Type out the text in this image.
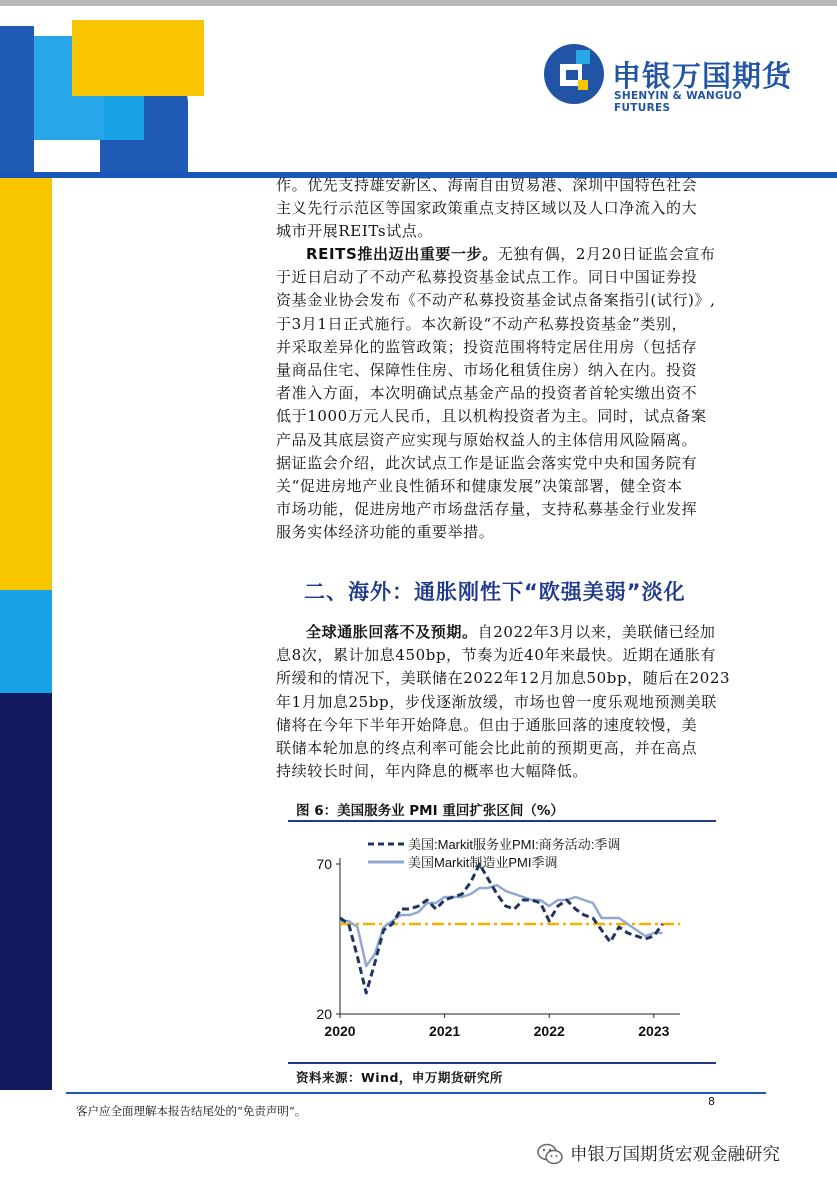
申银万国期货
SHENYIN & WANGUO FUTURES

作。优先支持雄安新区、海南自由贸易港、深圳中国特色社会

主义先行示范区等国家政策重点支持区域以及人口净流入的大

城市开展REITs试点。

REITS推出迈出重要一步。无独有偶，2月20日证监会宣布

于近日启动了不动产私募投资基金试点工作。同日中国证券投

资基金业协会发布《不动产私募投资基金试点备案指引(试行)》,

于3月1日正式施行。本次新设“不动产私募投资基金”类别，

并采取差异化的监管政策；投资范围将特定居住用房（包括存

量商品住宅、保障性住房、市场化租赁住房）纳入在内。投资

者准入方面，本次明确试点基金产品的投资者首轮实缴出资不

低于1000万元人民币，且以机构投资者为主。同时，试点备案

产品及其底层资产应实现与原始权益人的主体信用风险隔离。

据证监会介绍，此次试点工作是证监会落实党中央和国务院有

关“促进房地产业良性循环和健康发展”决策部署，健全资本

市场功能，促进房地产市场盘活存量，支持私募基金行业发挥

服务实体经济功能的重要举措。

二、海外：通胀刚性下“欧强美弱”淡化

全球通胀回落不及预期。自2022年3月以来，美联储已经加

息8次，累计加息450bp，节奏为近40年来最快。近期在通胀有

所缓和的情况下，美联储在2022年12月加息50bp，随后在2023

年1月加息25bp，步伐逐渐放缓，市场也曾一度乐观地预测美联

储将在今年下半年开始降息。但由于通胀回落的速度较慢，美

联储本轮加息的终点利率可能会比此前的预期更高，并在高点

持续较长时间，年内降息的概率也大幅降低。

图 6：美国服务业 PMI 重回扩张区间（%）
美国:Markit服务业PMI:商务活动:季调
美国Markit制造业PMI季调
70
20
2020	2021	2022	2023
资料来源：Wind，申万期货研究所
8
客户应全面理解本报告结尾处的“免责声明”。
申银万国期货宏观金融研究
